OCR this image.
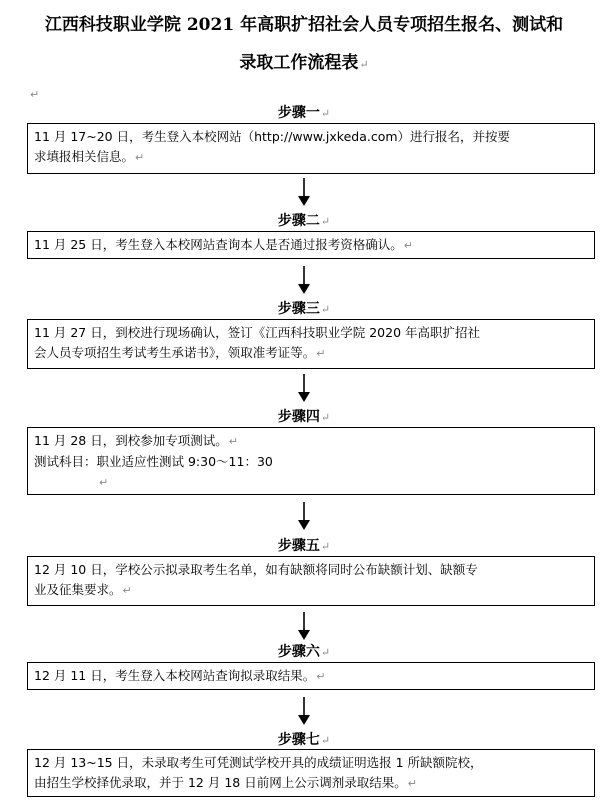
江西科技职业学院 2021 年高职扩招社会人员专项招生报名、测试和
录取工作流程表↵
↵
步骤一↵
11 月 17~20 日，考生登入本校网站（http://www.jxkeda.com）进行报名，并按要
求填报相关信息。↵
步骤二↵
11 月 25 日，考生登入本校网站查询本人是否通过报考资格确认。↵
步骤三↵
11 月 27 日，到校进行现场确认，签订《江西科技职业学院 2020 年高职扩招社
会人员专项招生考试考生承诺书》，领取准考证等。↵
步骤四↵
11 月 28 日，到校参加专项测试。↵
测试科目：职业适应性测试 9:30～11：30
↵
步骤五↵
12 月 10 日，学校公示拟录取考生名单，如有缺额将同时公布缺额计划、缺额专
业及征集要求。↵
步骤六↵
12 月 11 日，考生登入本校网站查询拟录取结果。↵
步骤七↵
12 月 13~15 日，未录取考生可凭测试学校开具的成绩证明选报 1 所缺额院校，
由招生学校择优录取，并于 12 月 18 日前网上公示调剂录取结果。↵
